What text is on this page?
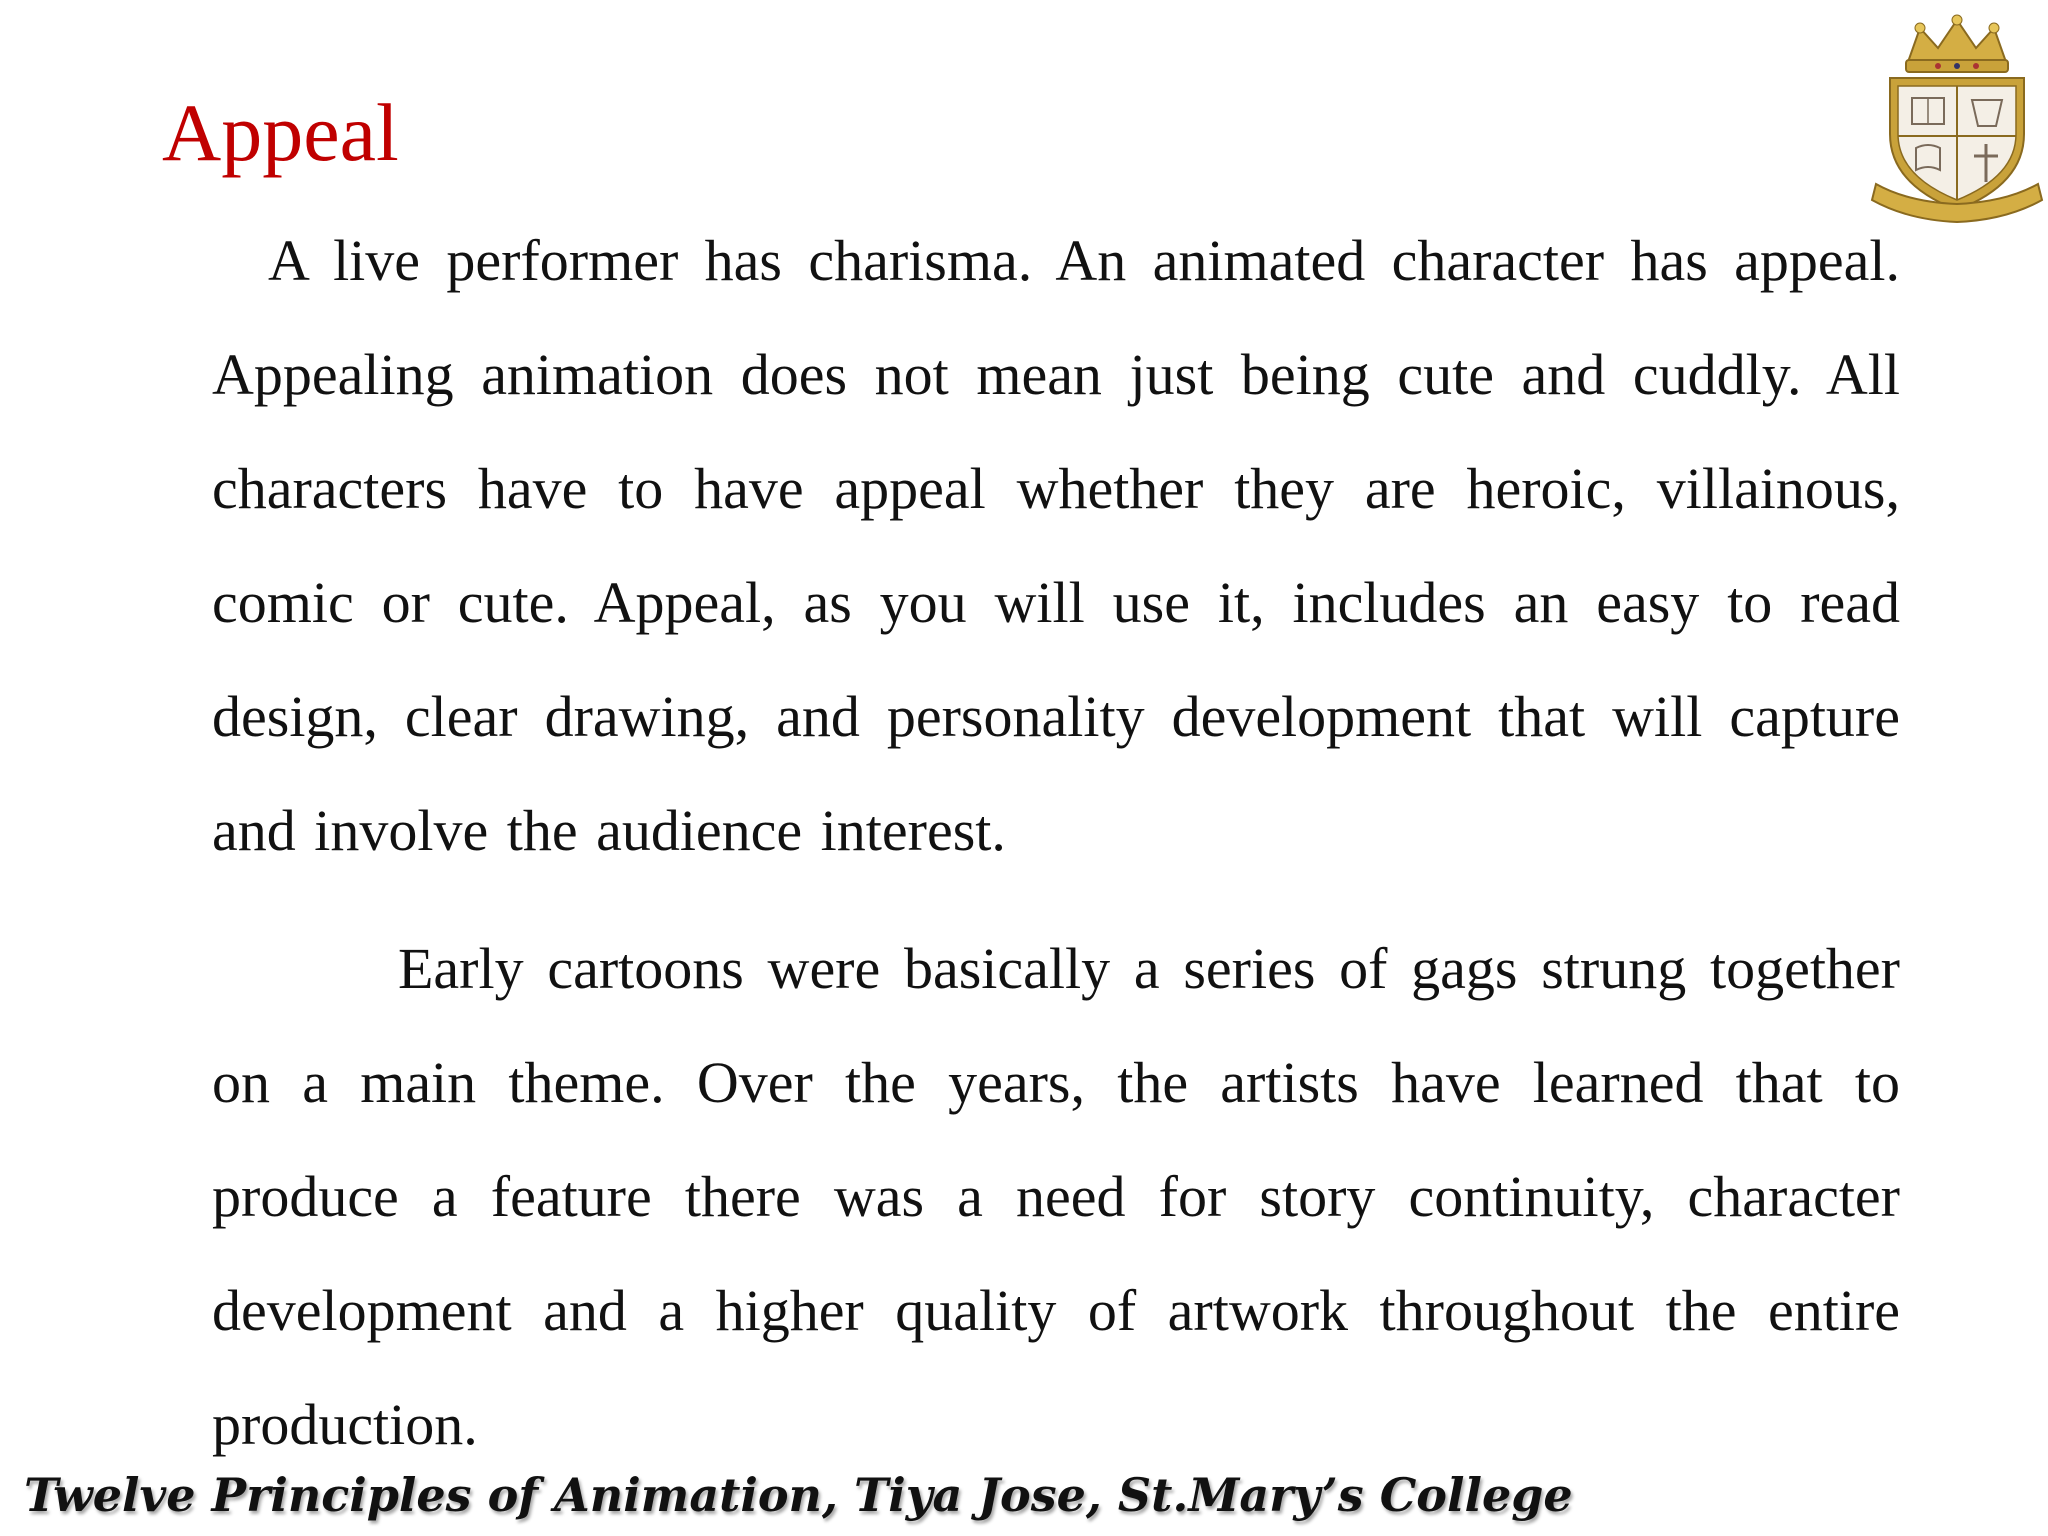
Appeal

A live performer has charisma. An animated character has appeal. Appealing animation does not mean just being cute and cuddly. All characters have to have appeal whether they are heroic, villainous, comic or cute. Appeal, as you will use it, includes an easy to read design, clear drawing, and personality development that will capture and involve the audience interest.

Early cartoons were basically a series of gags strung together on a main theme. Over the years, the artists have learned that to produce a feature there was a need for story continuity, character development and a higher quality of artwork throughout the entire production.

Twelve Principles of Animation, Tiya Jose, St.Mary’s College
